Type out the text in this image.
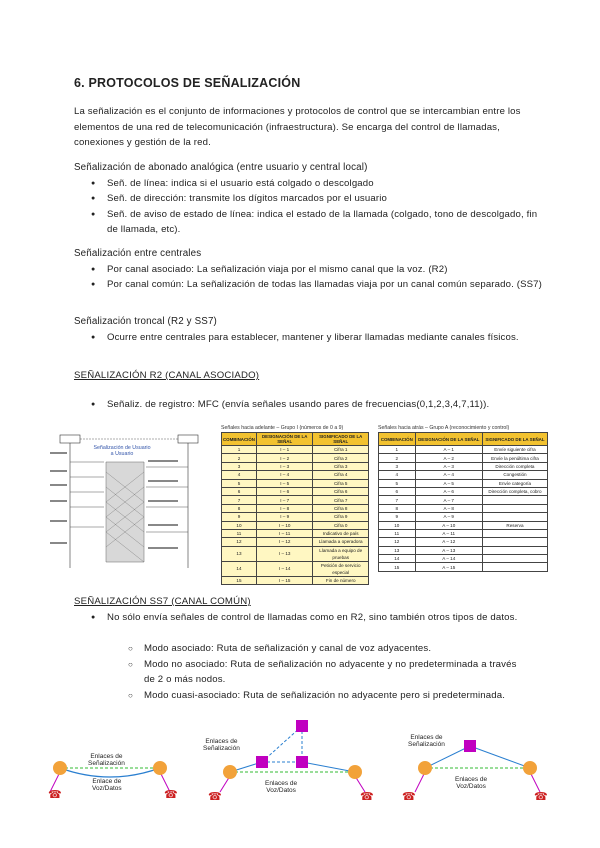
6. PROTOCOLOS DE SEÑALIZACIÓN
La señalización es el conjunto de informaciones y protocolos de control que se intercambian entre los elementos de una red de telecomunicación (infraestructura). Se encarga del control de llamadas, conexiones y gestión de la red.
Señalización de abonado analógica (entre usuario y central local)
● Señ. de línea: indica si el usuario está colgado o descolgado
● Señ. de dirección: transmite los dígitos marcados por el usuario
● Señ. de aviso de estado de línea: indica el estado de la llamada (colgado, tono de descolgado, fin de llamada, etc).
Señalización entre centrales
● Por canal asociado: La señalización viaja por el mismo canal que la voz. (R2)
● Por canal común: La señalización de todas las llamadas viaja por un canal común separado. (SS7)
Señalización troncal (R2 y SS7)
● Ocurre entre centrales para establecer, mantener y liberar llamadas mediante canales físicos.
SEÑALIZACIÓN R2 (CANAL ASOCIADO)
● Señaliz. de registro: MFC (envía señales usando pares de frecuencias(0,1,2,3,4,7,11)).
Señalización de Usuario a Usuario
Señales hacia adelante – Grupo I (números de 0 a 9)
COMBINACIÓN	DESIGNACIÓN DE LA SEÑAL	SIGNIFICADO DE LA SEÑAL
1	I – 1	Cifra 1
2	I – 2	Cifra 2
3	I – 3	Cifra 3
4	I – 4	Cifra 4
5	I – 5	Cifra 5
6	I – 6	Cifra 6
7	I – 7	Cifra 7
8	I – 8	Cifra 8
9	I – 9	Cifra 9
10	I – 10	Cifra 0
11	I – 11	Indicativo de país
12	I – 12	Llamada a operadora
13	I – 13	Llamada a equipo de pruebas
14	I – 14	Petición de servicio especial
15	I – 15	Fin de número
Señales hacia atrás – Grupo A (reconocimiento y control)
COMBINACIÓN	DESIGNACIÓN DE LA SEÑAL	SIGNIFICADO DE LA SEÑAL
1	A – 1	Envíe siguiente cifra
2	A – 2	Envíe la penúltima cifra
3	A – 3	Dirección completa
4	A – 4	Congestión
5	A – 5	Envíe categoría
6	A – 6	Dirección completa, cobro
7	A – 7	
8	A – 8	
9	A – 9	
10	A – 10	Reserva
11	A – 11	
12	A – 12	
13	A – 13	
14	A – 14	
15	A – 15	
SEÑALIZACIÓN SS7 (CANAL COMÚN)
● No sólo envía señales de control de llamadas como en R2, sino también otros tipos de datos.
○ Modo asociado: Ruta de señalización y canal de voz adyacentes.
○ Modo no asociado: Ruta de señalización no adyacente y no predeterminada a través de 2 o más nodos.
○ Modo cuasi-asociado: Ruta de señalización no adyacente pero si predeterminada.
☎	☎	☎	☎	☎	☎
Enlaces de
Señalización
Enlace de
Voz/Datos
Enlaces de
Señalización
Enlaces de
Voz/Datos
Enlaces de
Señalización
Enlaces de
Voz/Datos
